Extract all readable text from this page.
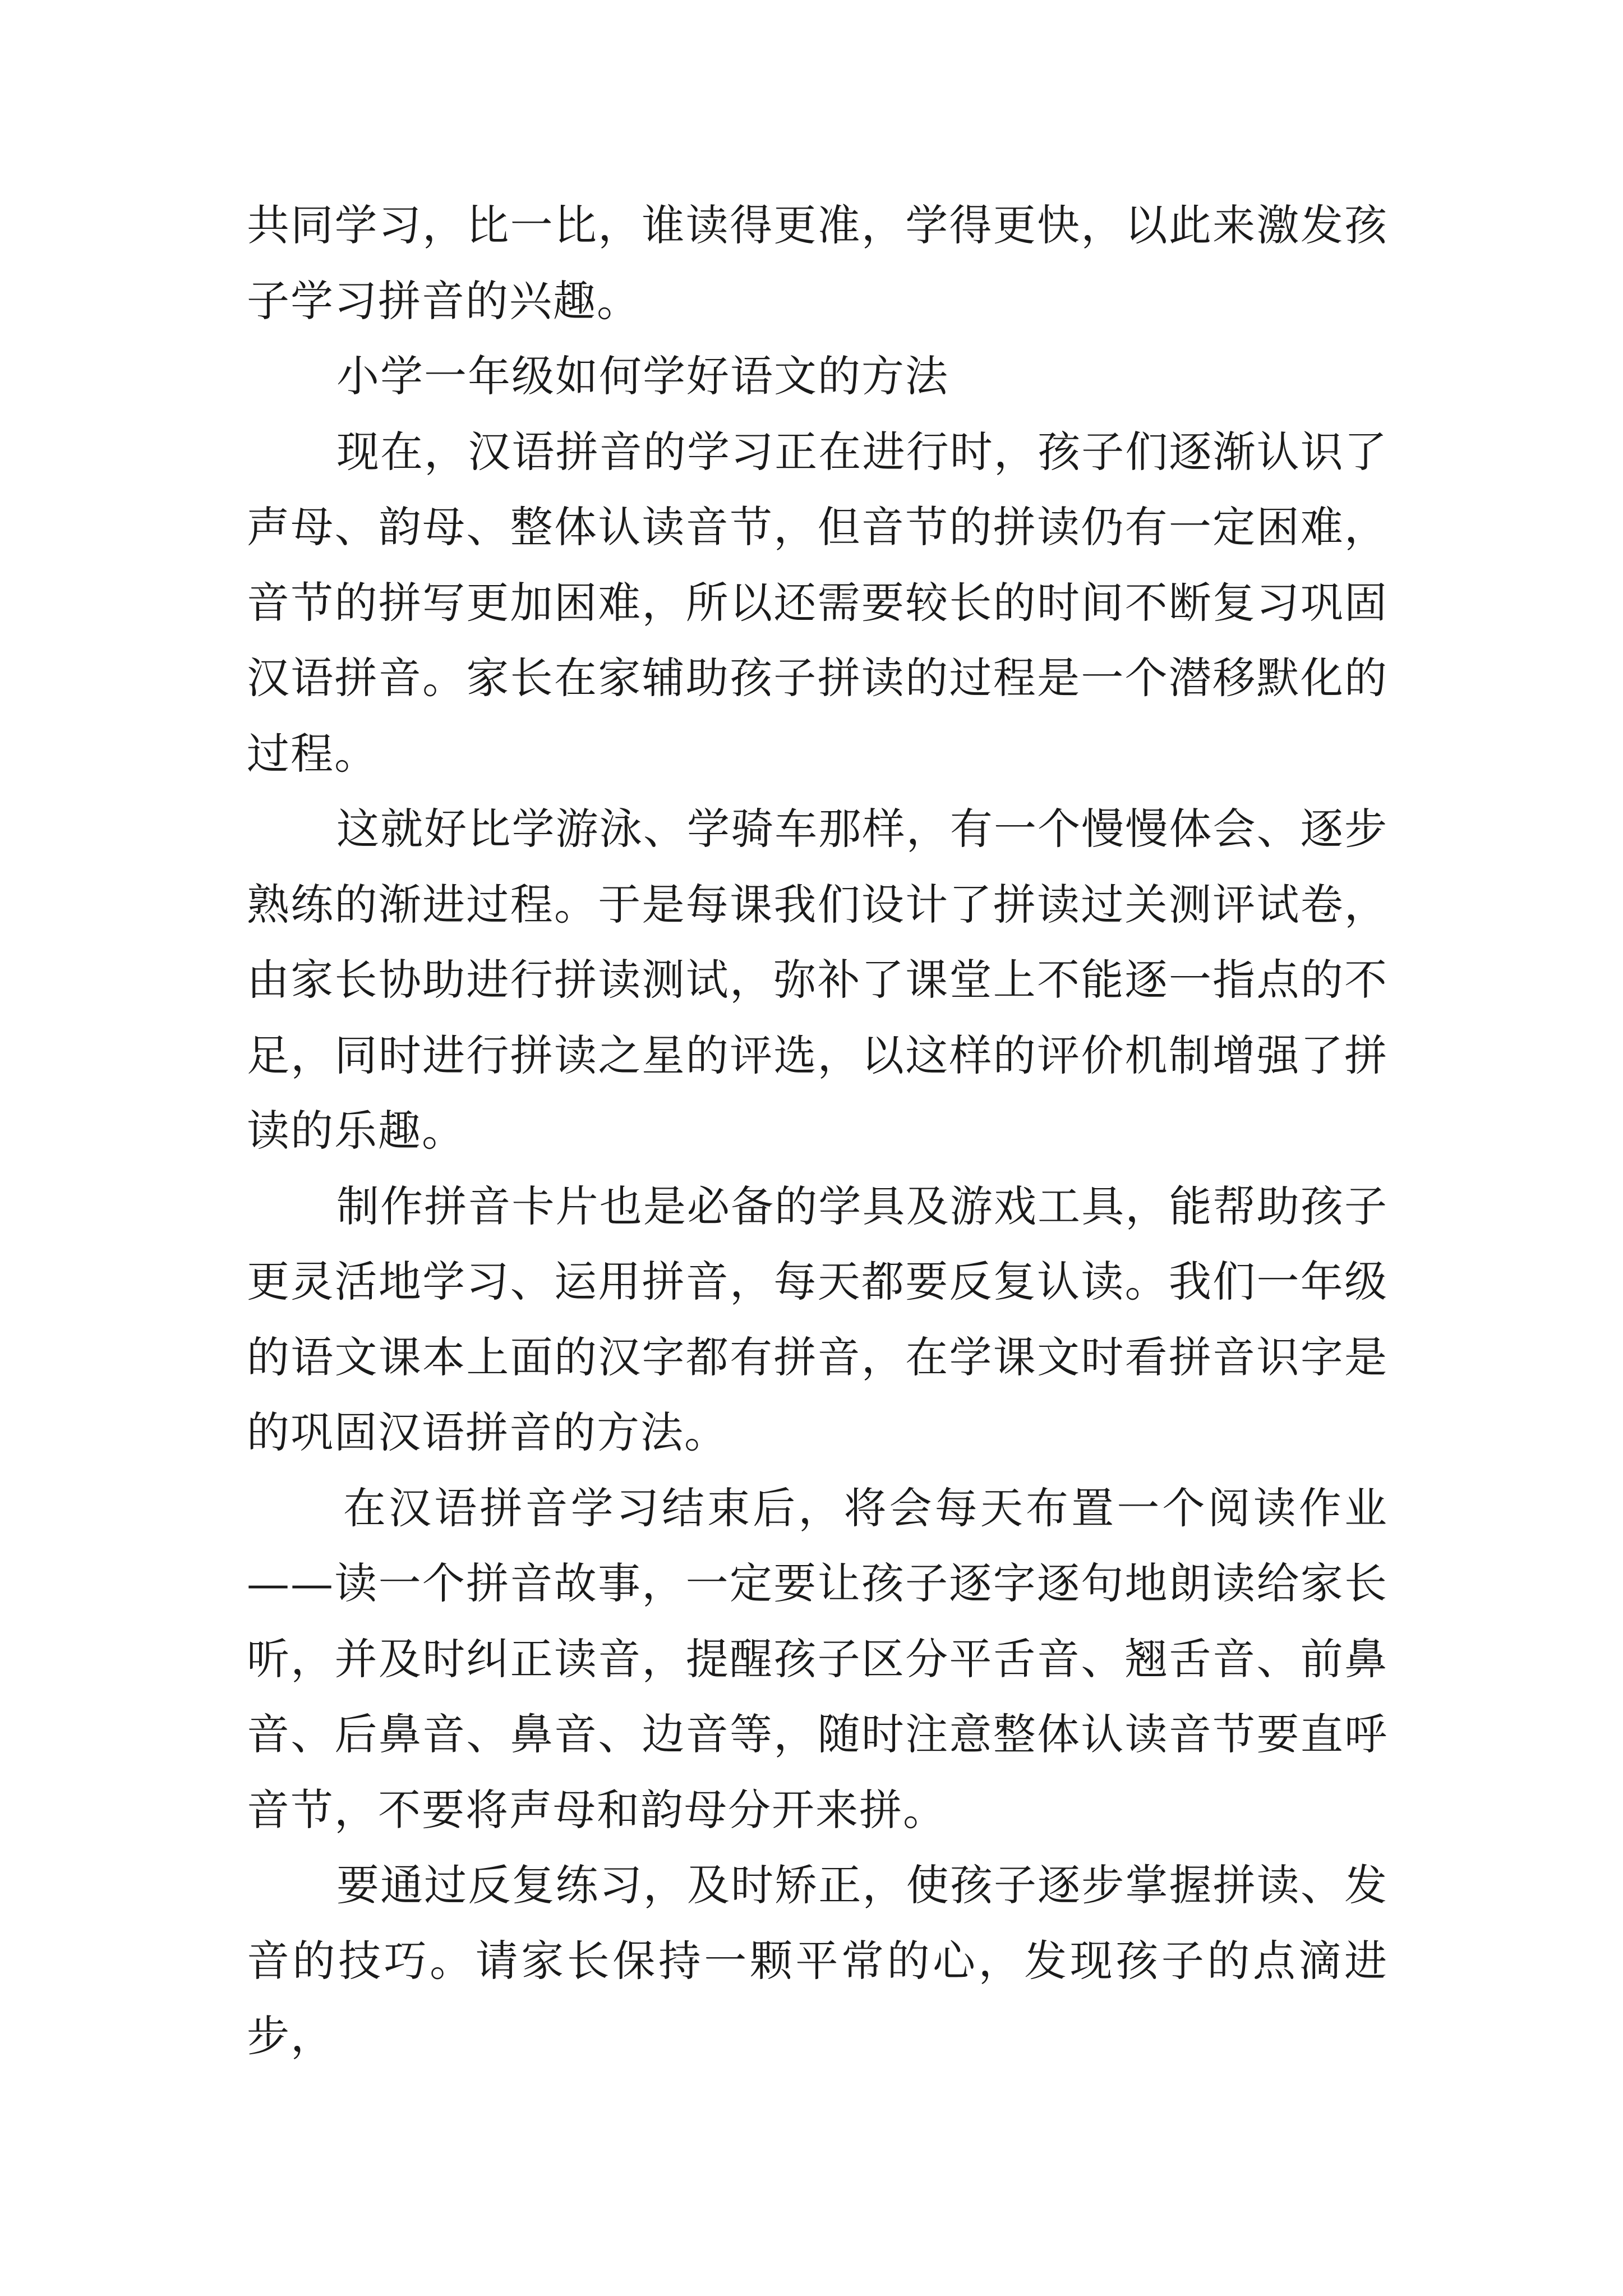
共同学习，比一比，谁读得更准，学得更快，以此来激发孩子学习拼音的兴趣。

小学一年级如何学好语文的方法

现在，汉语拼音的学习正在进行时，孩子们逐渐认识了声母、韵母、整体认读音节，但音节的拼读仍有一定困难，音节的拼写更加困难，所以还需要较长的时间不断复习巩固汉语拼音。家长在家辅助孩子拼读的过程是一个潜移默化的过程。

这就好比学游泳、学骑车那样，有一个慢慢体会、逐步熟练的渐进过程。于是每课我们设计了拼读过关测评试卷，由家长协助进行拼读测试，弥补了课堂上不能逐一指点的不足，同时进行拼读之星的评选，以这样的评价机制增强了拼读的乐趣。

制作拼音卡片也是必备的学具及游戏工具，能帮助孩子更灵活地学习、运用拼音，每天都要反复认读。我们一年级的语文课本上面的汉字都有拼音，在学课文时看拼音识字是的巩固汉语拼音的方法。

在汉语拼音学习结束后，将会每天布置一个阅读作业——读一个拼音故事，一定要让孩子逐字逐句地朗读给家长听，并及时纠正读音，提醒孩子区分平舌音、翘舌音、前鼻音、后鼻音、鼻音、边音等，随时注意整体认读音节要直呼音节，不要将声母和韵母分开来拼。

要通过反复练习，及时矫正，使孩子逐步掌握拼读、发音的技巧。请家长保持一颗平常的心，发现孩子的点滴进步，
